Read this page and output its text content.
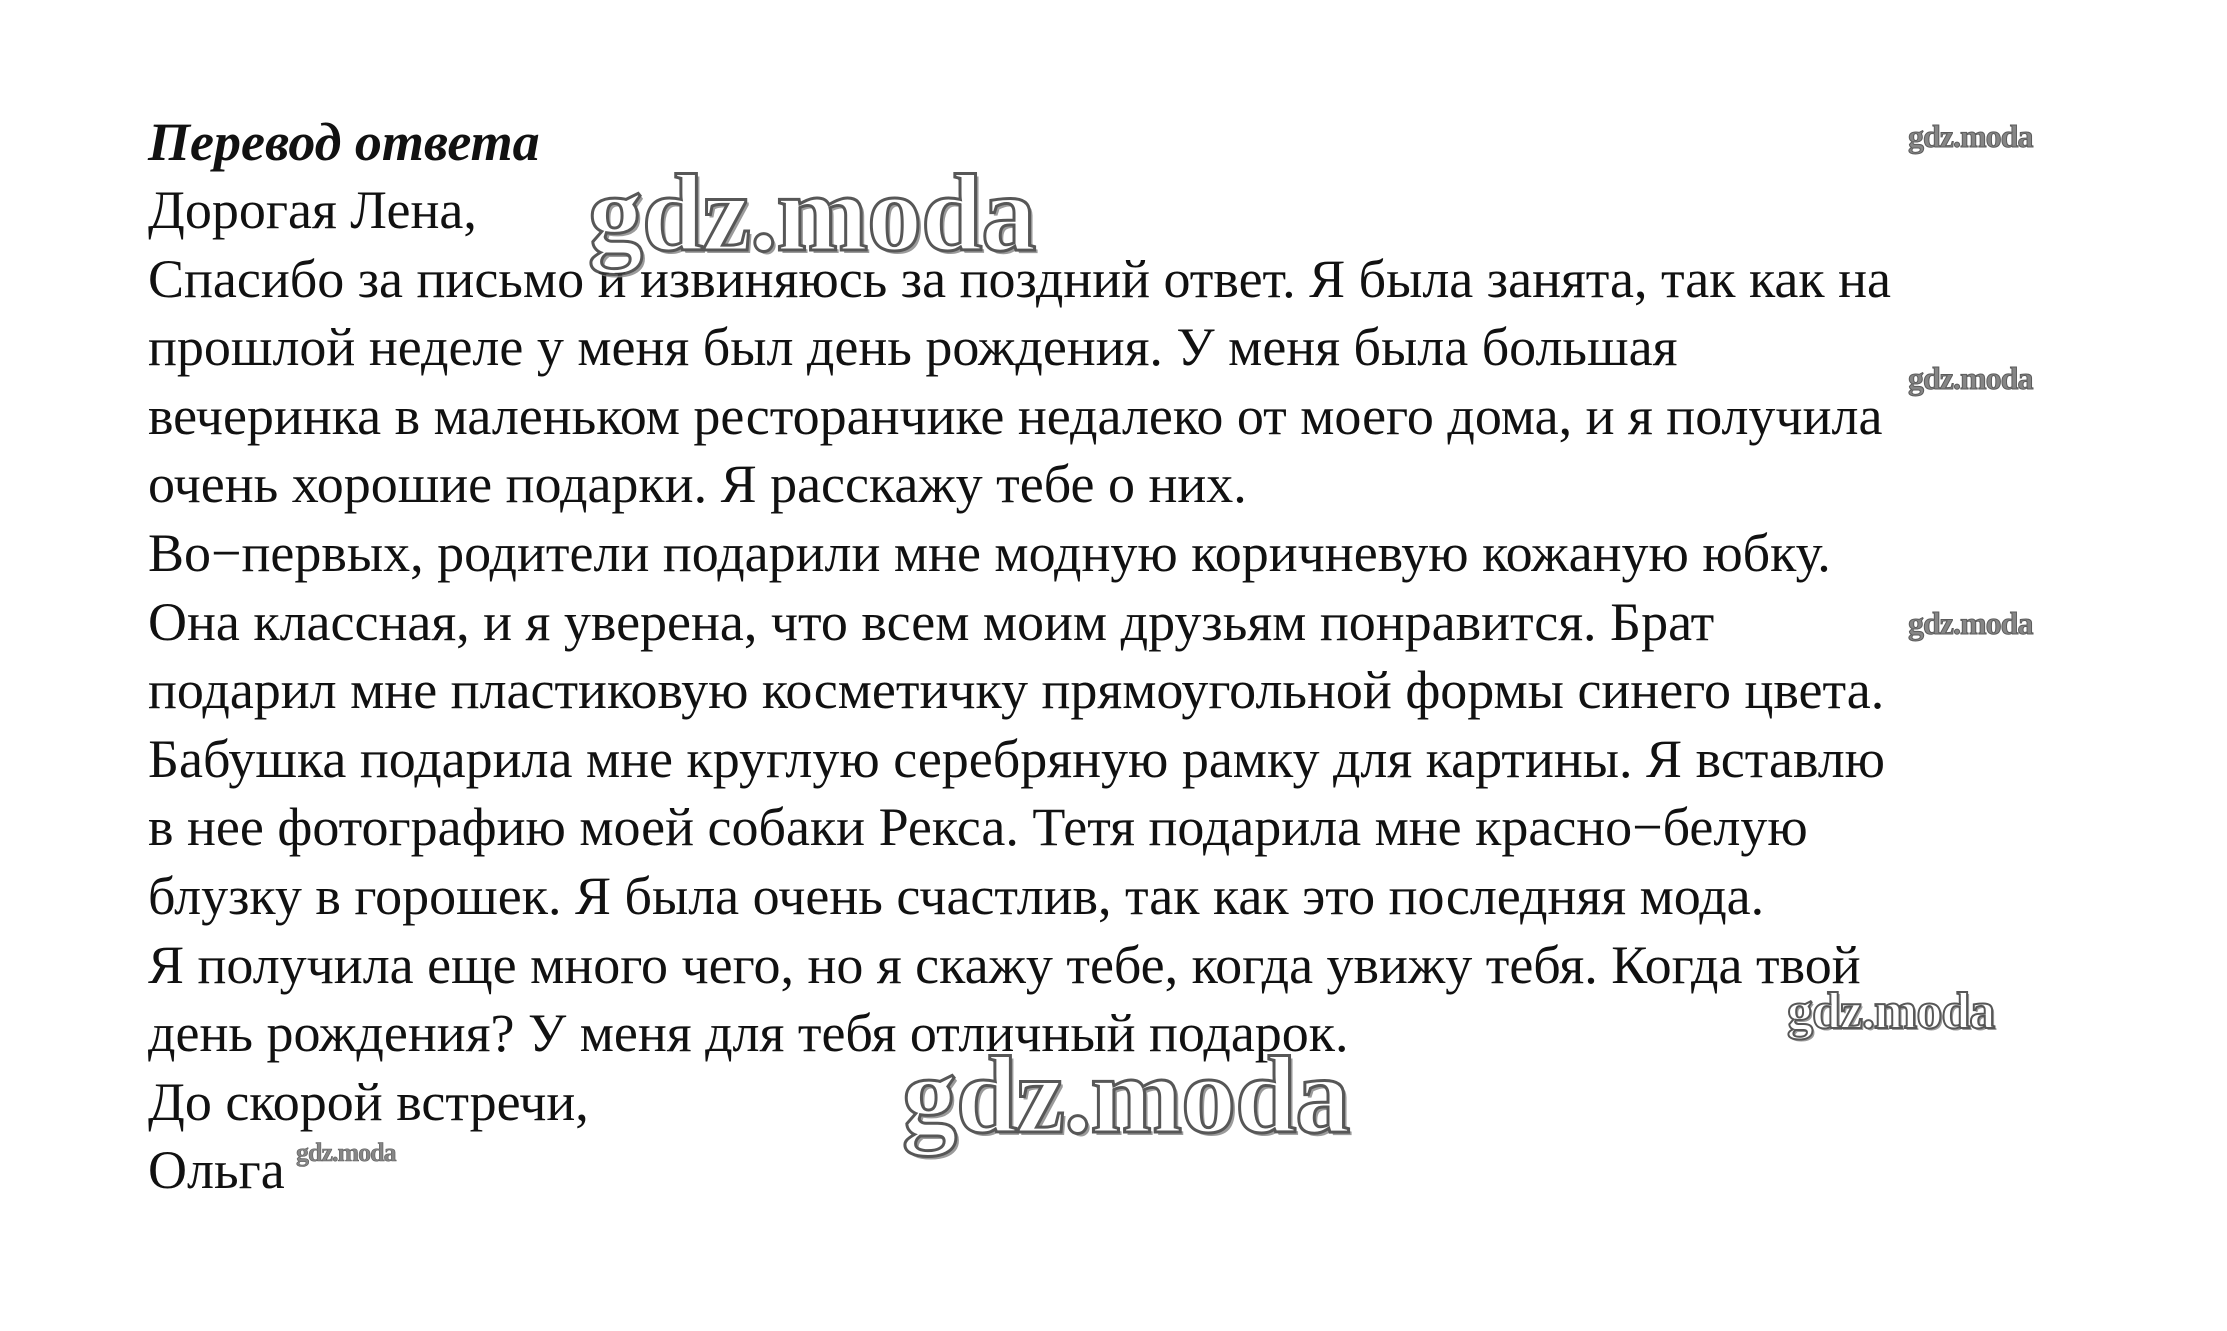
Перевод ответа
Дорогая Лена,
Спасибо за письмо и извиняюсь за поздний ответ. Я была занята, так как на
прошлой неделе у меня был день рождения. У меня была большая
вечеринка в маленьком ресторанчике недалеко от моего дома, и я получила
очень хорошие подарки. Я расскажу тебе о них.
Во−первых, родители подарили мне модную коричневую кожаную юбку.
Она классная, и я уверена, что всем моим друзьям понравится. Брат
подарил мне пластиковую косметичку прямоугольной формы синего цвета.
Бабушка подарила мне круглую серебряную рамку для картины. Я вставлю
в нее фотографию моей собаки Рекса. Тетя подарила мне красно−белую
блузку в горошек. Я была очень счастлив, так как это последняя мода.
Я получила еще много чего, но я скажу тебе, когда увижу тебя. Когда твой
день рождения? У меня для тебя отличный подарок.
До скорой встречи,
Ольга
gdz.moda
gdz.moda
gdz.moda
gdz.moda
gdz.moda
gdz.moda
gdz.moda
